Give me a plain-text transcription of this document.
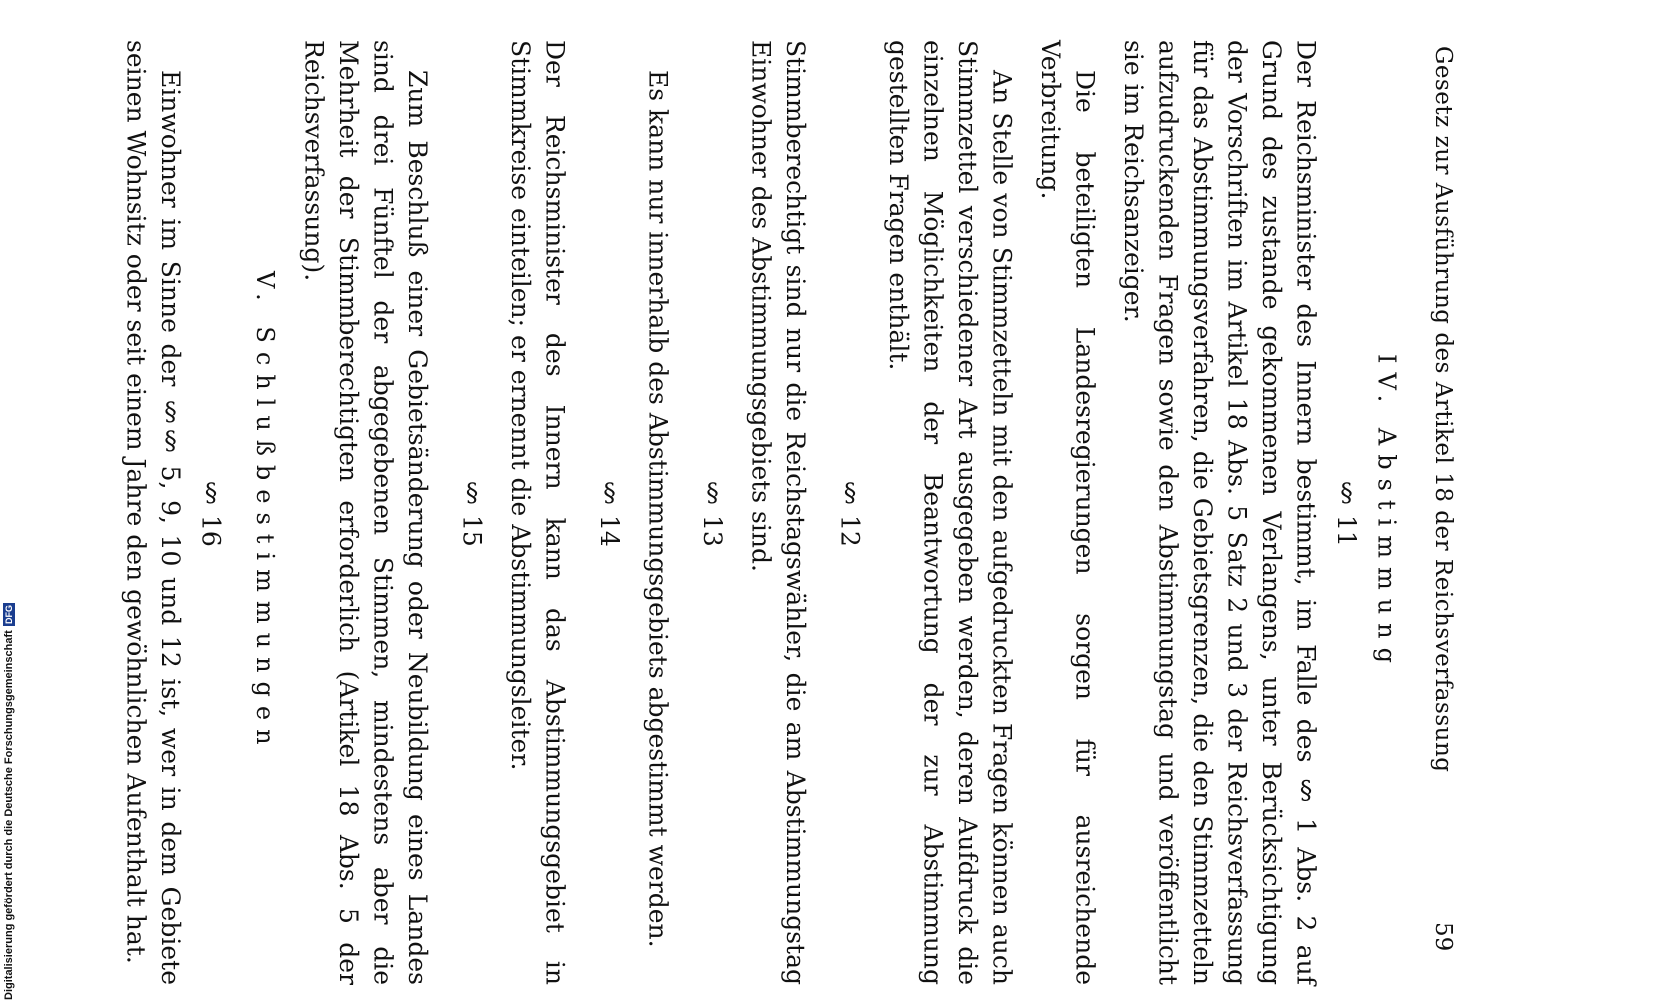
Gesetz zur Ausführung des Artikel 18 der Reichsverfassung
59
IV. Abstimmung
§ 11

Der Reichsminister des Innern bestimmt, im Falle des § 1 Abs. 2 auf Grund des zustande gekommenen Verlangens, unter Berücksichtigung der Vorschriften im Artikel 18 Abs. 5 Satz 2 und 3 der Reichsverfassung für das Abstimmungsverfahren, die Gebietsgrenzen, die den Stimmzetteln aufzudruckenden Fragen sowie den Abstimmungstag und veröffentlicht sie im Reichsanzeiger.

Die beteiligten Landesregierungen sorgen für ausreichende Verbreitung.

An Stelle von Stimmzetteln mit den aufgedruckten Fragen können auch Stimmzettel verschiedener Art ausgegeben werden, deren Aufdruck die einzelnen Möglichkeiten der Beantwortung der zur Abstimmung gestellten Fragen enthält.

§ 12

Stimmberechtigt sind nur die Reichstagswähler, die am Abstimmungstag Einwohner des Abstimmungsgebiets sind.

§ 13

Es kann nur innerhalb des Abstimmungsgebiets abgestimmt werden.

§ 14

Der Reichsminister des Innern kann das Abstimmungsgebiet in Stimmkreise einteilen; er ernennt die Abstimmungsleiter.

§ 15

Zum Beschluß einer Gebietsänderung oder Neubildung eines Landes sind drei Fünftel der abgegebenen Stimmen, mindestens aber die Mehrheit der Stimmberechtigten erforderlich (Artikel 18 Abs. 5 der Reichsverfassung).

V. Schlußbestimmungen
§ 16

Einwohner im Sinne der §§ 5, 9, 10 und 12 ist, wer in dem Gebiete seinen Wohnsitz oder seit einem Jahre den gewöhnlichen Aufenthalt hat.

Digitalisierung gefördert durch die Deutsche Forschungsgemeinschaft
DFG
